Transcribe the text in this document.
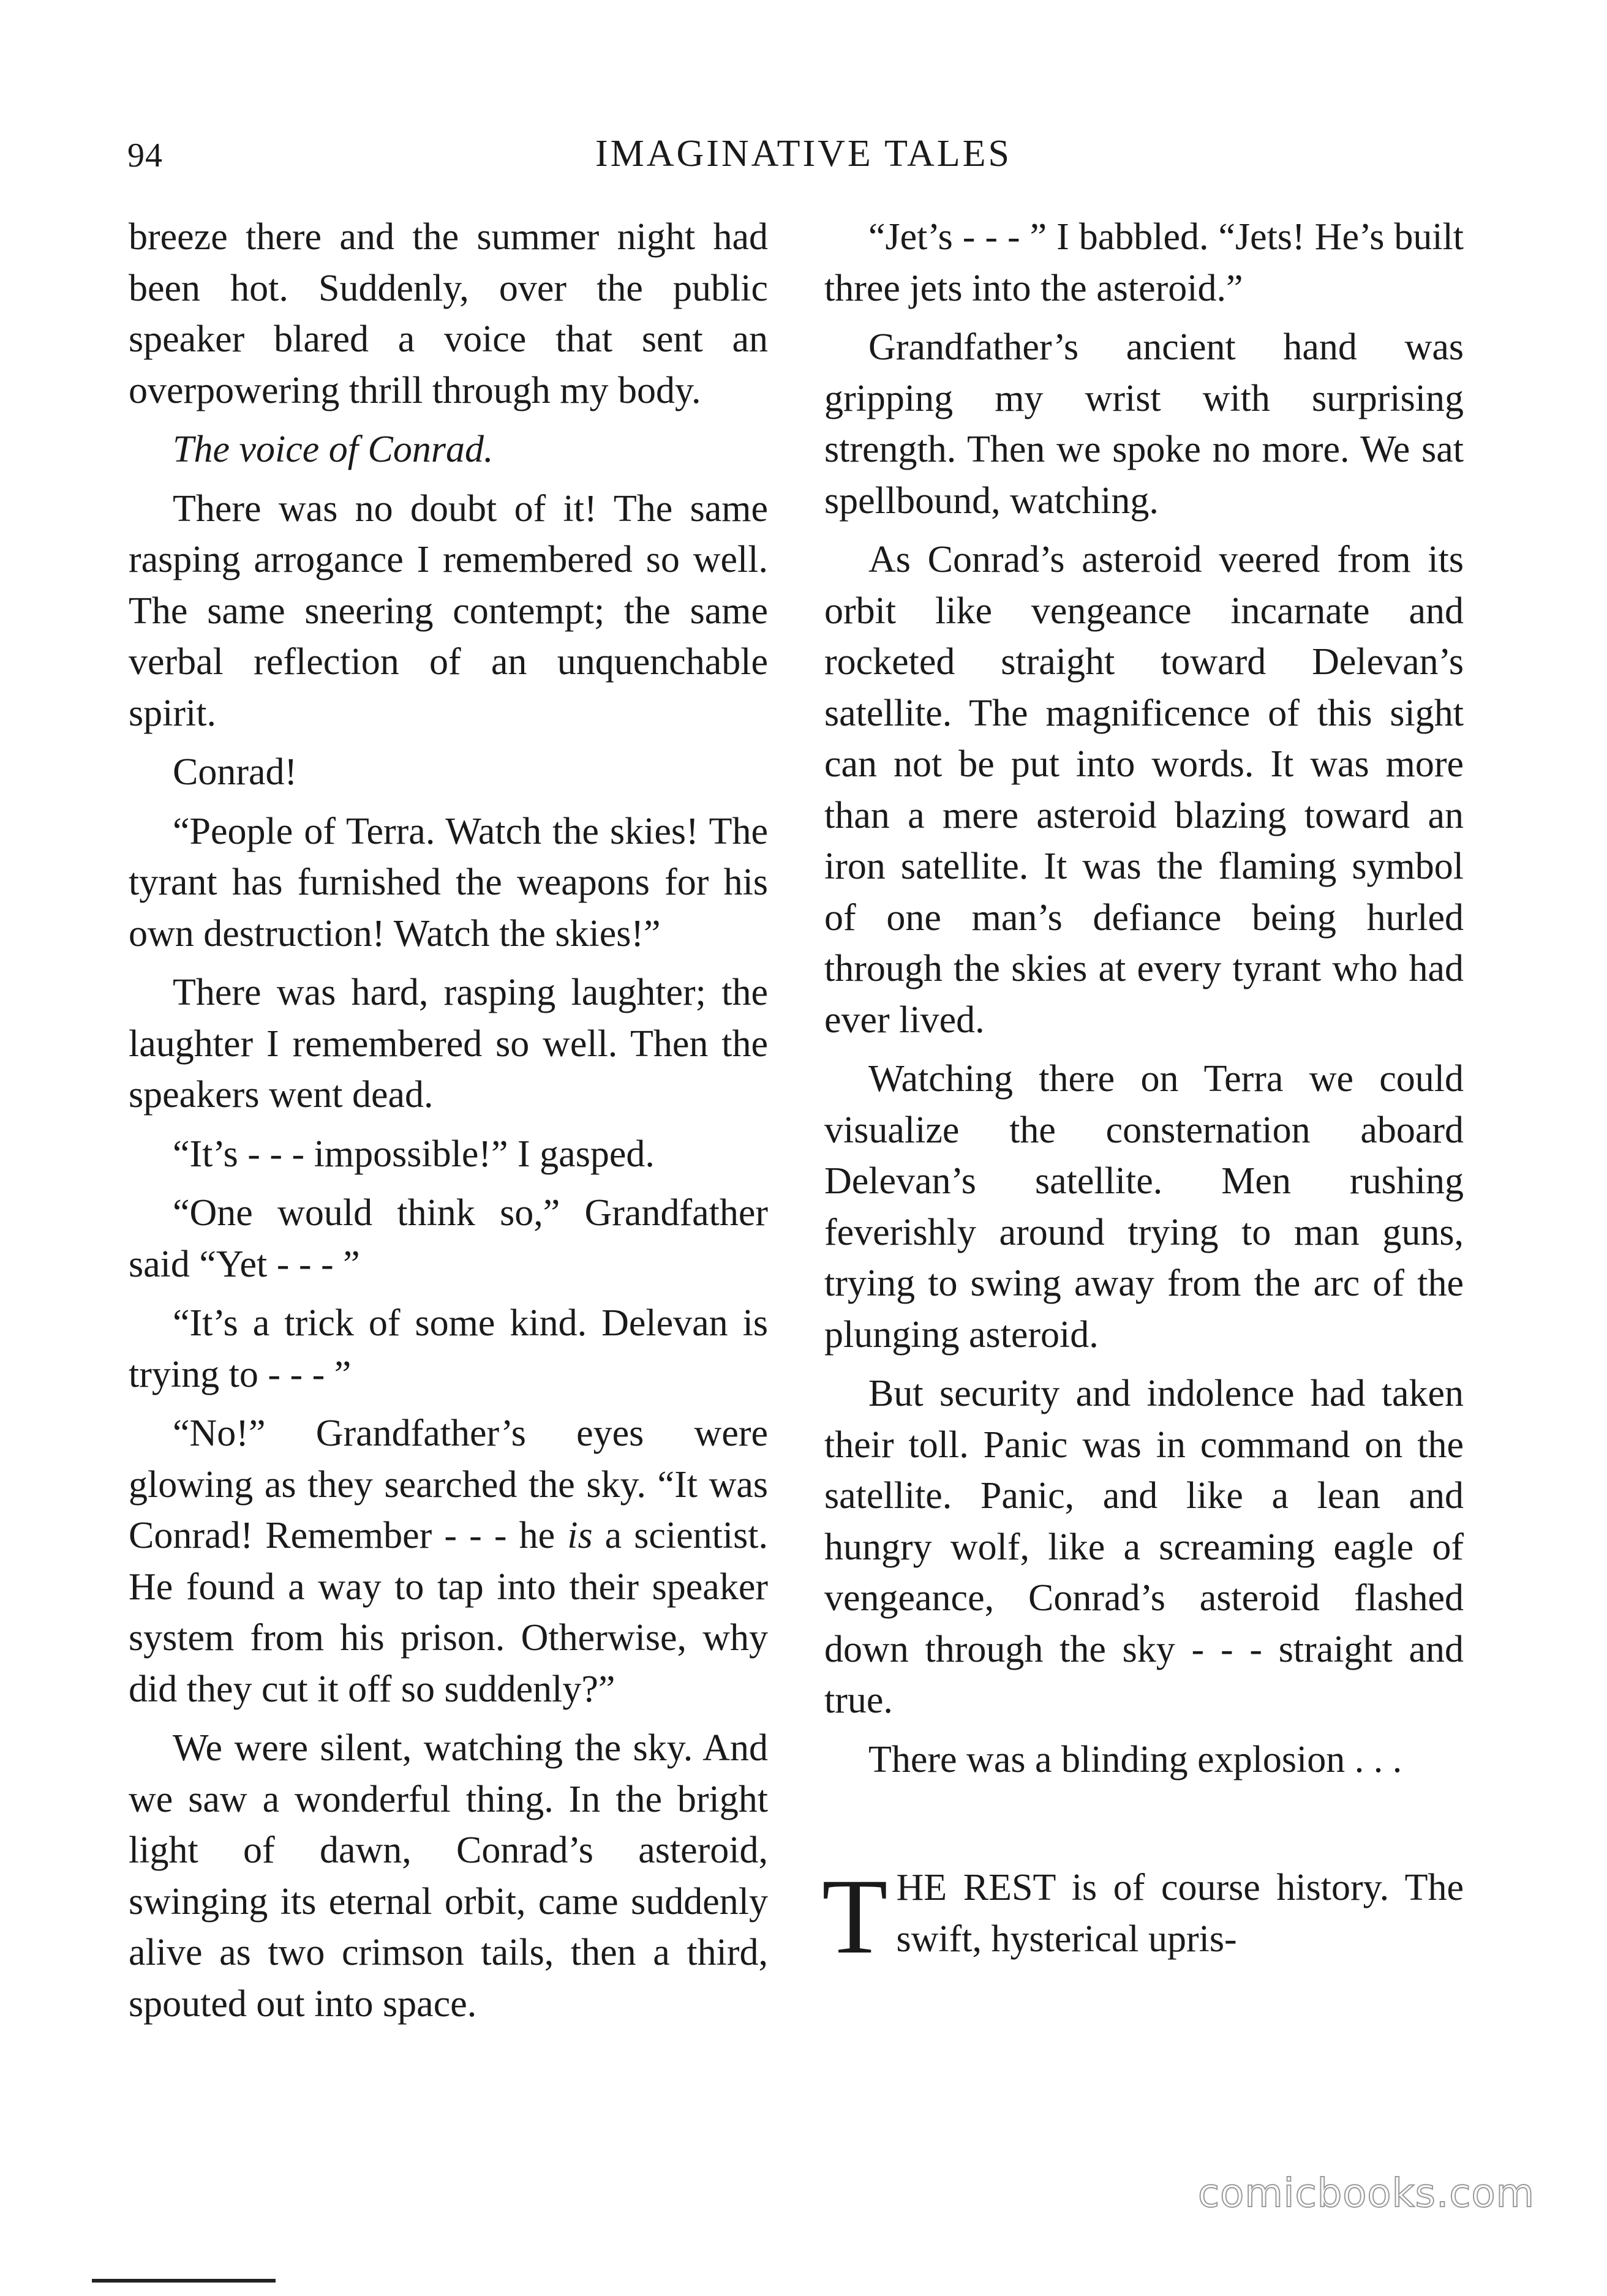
94	IMAGINATIVE TALES

breeze there and the summer night had been hot. Suddenly, over the public speaker blared a voice that sent an overpowering thrill through my body.

The voice of Conrad.

There was no doubt of it! The same rasping arrogance I remembered so well. The same sneering contempt; the same verbal reflection of an unquenchable spirit.

Conrad!

“People of Terra. Watch the skies! The tyrant has furnished the weapons for his own destruction! Watch the skies!”

There was hard, rasping laughter; the laughter I remembered so well. Then the speakers went dead.

“It’s - - - impossible!” I gasped.

“One would think so,” Grandfather said “Yet - - - ”

“It’s a trick of some kind. Delevan is trying to - - - ”

“No!” Grandfather’s eyes were glowing as they searched the sky. “It was Conrad! Remember - - - he is a scientist. He found a way to tap into their speaker system from his prison. Otherwise, why did they cut it off so suddenly?”

We were silent, watching the sky. And we saw a wonderful thing. In the bright light of dawn, Conrad’s asteroid, swinging its eternal orbit, came suddenly alive as two crimson tails, then a third, spouted out into space.

“Jet’s - - - ” I babbled. “Jets! He’s built three jets into the asteroid.”

Grandfather’s ancient hand was gripping my wrist with surprising strength. Then we spoke no more. We sat spellbound, watching.

As Conrad’s asteroid veered from its orbit like vengeance incarnate and rocketed straight toward Delevan’s satellite. The magnificence of this sight can not be put into words. It was more than a mere asteroid blazing toward an iron satellite. It was the flaming symbol of one man’s defiance being hurled through the skies at every tyrant who had ever lived.

Watching there on Terra we could visualize the consternation aboard Delevan’s satellite. Men rushing feverishly around trying to man guns, trying to swing away from the arc of the plunging asteroid.

But security and indolence had taken their toll. Panic was in command on the satellite. Panic, and like a lean and hungry wolf, like a screaming eagle of vengeance, Conrad’s asteroid flashed down through the sky - - - straight and true.

There was a blinding explosion . . .

THE REST is of course history. The swift, hysterical upris-

comicbooks.com
